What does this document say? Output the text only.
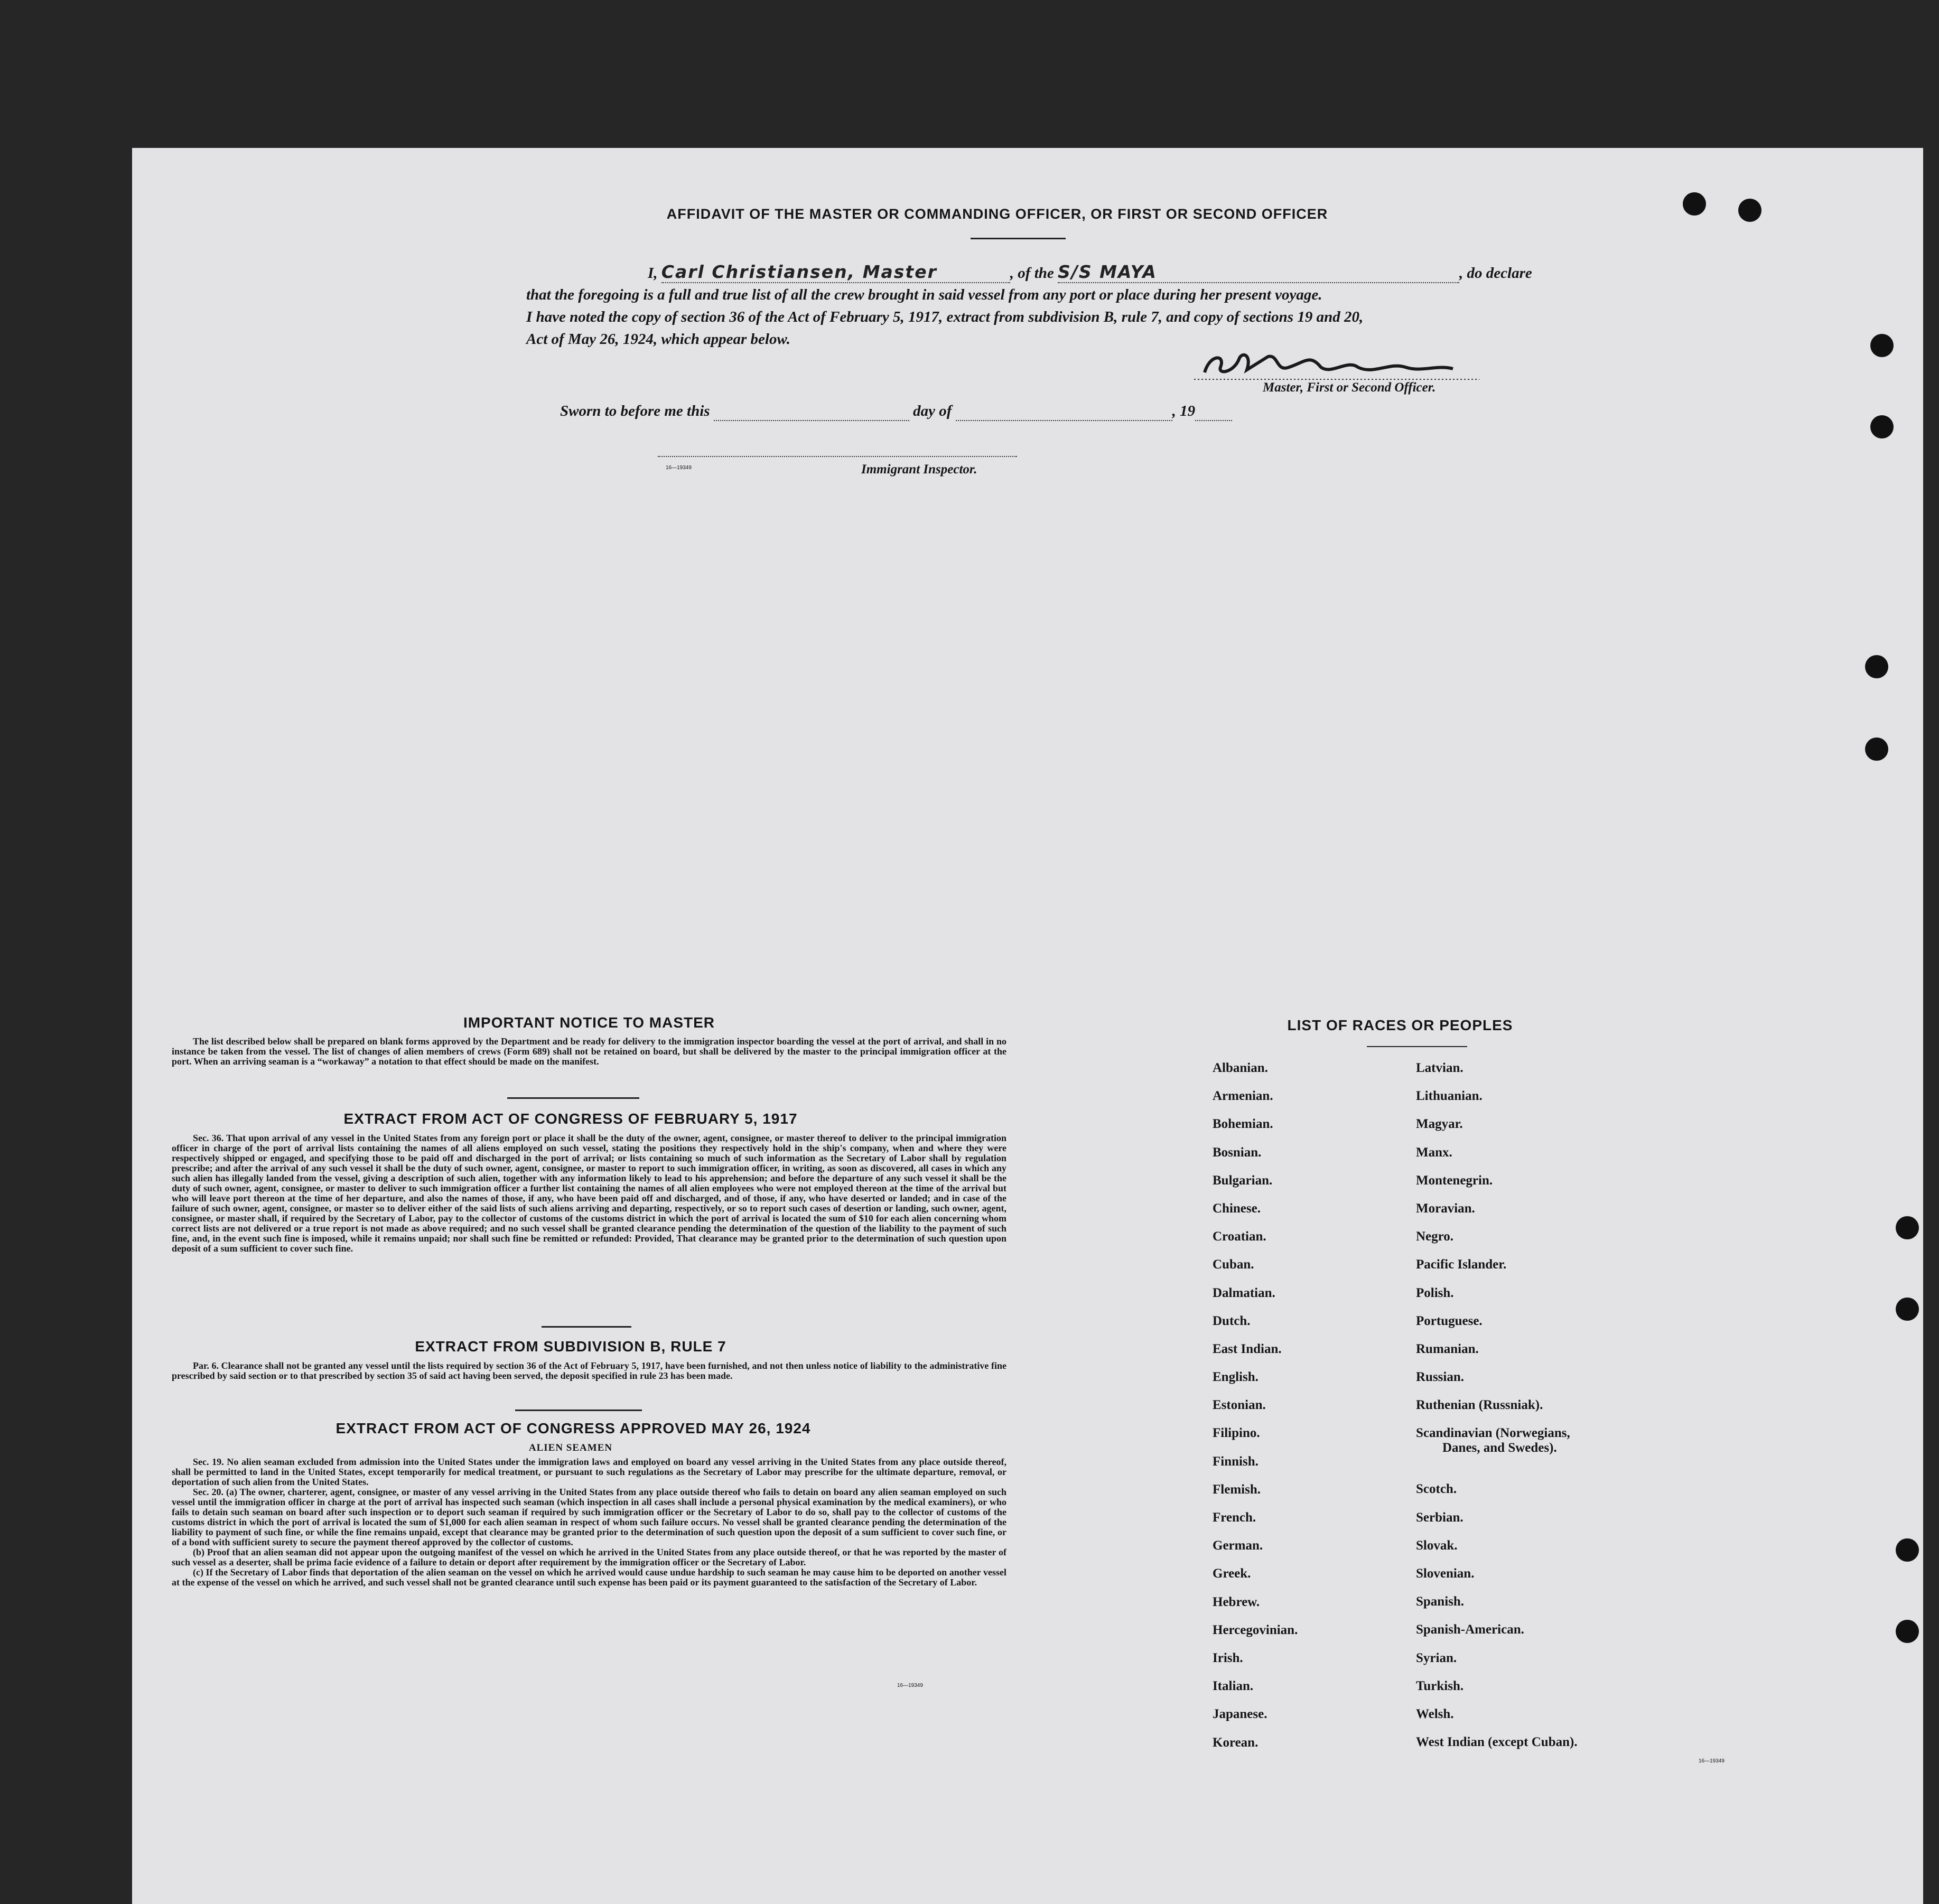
AFFIDAVIT OF THE MASTER OR COMMANDING OFFICER, OR FIRST OR SECOND OFFICER
I, Carl Christiansen, Master	, of the S/S MAYA	, do declare
that the foregoing is a full and true list of all the crew brought in said vessel from any port or place during her present voyage.
I have noted the copy of section 36 of the Act of February 5, 1917, extract from subdivision B, rule 7, and copy of sections 19 and 20,
Act of May 26, 1924, which appear below.
Master, First or Second Officer.
Sworn to before me this	day of	, 19
16—19349	Immigrant Inspector.
IMPORTANT NOTICE TO MASTER

The list described below shall be prepared on blank forms approved by the Department and be ready for delivery to the immigration inspector boarding the vessel at the port of arrival, and shall in no instance be taken from the vessel. The list of changes of alien members of crews (Form 689) shall not be retained on board, but shall be delivered by the master to the principal immigration officer at the port. When an arriving seaman is a “workaway” a notation to that effect should be made on the manifest.

EXTRACT FROM ACT OF CONGRESS OF FEBRUARY 5, 1917

Sec. 36. That upon arrival of any vessel in the United States from any foreign port or place it shall be the duty of the owner, agent, consignee, or master thereof to deliver to the principal immigration officer in charge of the port of arrival lists containing the names of all aliens employed on such vessel, stating the positions they respectively hold in the ship's company, when and where they were respectively shipped or engaged, and specifying those to be paid off and discharged in the port of arrival; or lists containing so much of such information as the Secretary of Labor shall by regulation prescribe; and after the arrival of any such vessel it shall be the duty of such owner, agent, consignee, or master to report to such immigration officer, in writing, as soon as discovered, all cases in which any such alien has illegally landed from the vessel, giving a description of such alien, together with any information likely to lead to his apprehension; and before the departure of any such vessel it shall be the duty of such owner, agent, consignee, or master to deliver to such immigration officer a further list containing the names of all alien employees who were not employed thereon at the time of the arrival but who will leave port thereon at the time of her departure, and also the names of those, if any, who have been paid off and discharged, and of those, if any, who have deserted or landed; and in case of the failure of such owner, agent, consignee, or master so to deliver either of the said lists of such aliens arriving and departing, respectively, or so to report such cases of desertion or landing, such owner, agent, consignee, or master shall, if required by the Secretary of Labor, pay to the collector of customs of the customs district in which the port of arrival is located the sum of $10 for each alien concerning whom correct lists are not delivered or a true report is not made as above required; and no such vessel shall be granted clearance pending the determination of the question of the liability to the payment of such fine, and, in the event such fine is imposed, while it remains unpaid; nor shall such fine be remitted or refunded: Provided, That clearance may be granted prior to the determination of such question upon deposit of a sum sufficient to cover such fine.

EXTRACT FROM SUBDIVISION B, RULE 7

Par. 6. Clearance shall not be granted any vessel until the lists required by section 36 of the Act of February 5, 1917, have been furnished, and not then unless notice of liability to the administrative fine prescribed by said section or to that prescribed by section 35 of said act having been served, the deposit specified in rule 23 has been made.

EXTRACT FROM ACT OF CONGRESS APPROVED MAY 26, 1924
ALIEN SEAMEN

Sec. 19. No alien seaman excluded from admission into the United States under the immigration laws and employed on board any vessel arriving in the United States from any place outside thereof, shall be permitted to land in the United States, except temporarily for medical treatment, or pursuant to such regulations as the Secretary of Labor may prescribe for the ultimate departure, removal, or deportation of such alien from the United States.

Sec. 20. (a) The owner, charterer, agent, consignee, or master of any vessel arriving in the United States from any place outside thereof who fails to detain on board any alien seaman employed on such vessel until the immigration officer in charge at the port of arrival has inspected such seaman (which inspection in all cases shall include a personal physical examination by the medical examiners), or who fails to detain such seaman on board after such inspection or to deport such seaman if required by such immigration officer or the Secretary of Labor to do so, shall pay to the collector of customs of the customs district in which the port of arrival is located the sum of $1,000 for each alien seaman in respect of whom such failure occurs. No vessel shall be granted clearance pending the determination of the liability to payment of such fine, or while the fine remains unpaid, except that clearance may be granted prior to the determination of such question upon the deposit of a sum sufficient to cover such fine, or of a bond with sufficient surety to secure the payment thereof approved by the collector of customs.

(b) Proof that an alien seaman did not appear upon the outgoing manifest of the vessel on which he arrived in the United States from any place outside thereof, or that he was reported by the master of such vessel as a deserter, shall be prima facie evidence of a failure to detain or deport after requirement by the immigration officer or the Secretary of Labor.

(c) If the Secretary of Labor finds that deportation of the alien seaman on the vessel on which he arrived would cause undue hardship to such seaman he may cause him to be deported on another vessel at the expense of the vessel on which he arrived, and such vessel shall not be granted clearance until such expense has been paid or its payment guaranteed to the satisfaction of the Secretary of Labor.

16—19349
LIST OF RACES OR PEOPLES
Albanian.
Armenian.
Bohemian.
Bosnian.
Bulgarian.
Chinese.
Croatian.
Cuban.
Dalmatian.
Dutch.
East Indian.
English.
Estonian.
Filipino.
Finnish.
Flemish.
French.
German.
Greek.
Hebrew.
Hercegovinian.
Irish.
Italian.
Japanese.
Korean.
Latvian.
Lithuanian.
Magyar.
Manx.
Montenegrin.
Moravian.
Negro.
Pacific Islander.
Polish.
Portuguese.
Rumanian.
Russian.
Ruthenian (Russniak).
Scandinavian (Norwegians,
Danes, and Swedes).
Scotch.
Serbian.
Slovak.
Slovenian.
Spanish.
Spanish-American.
Syrian.
Turkish.
Welsh.
West Indian (except Cuban).
16—19349
